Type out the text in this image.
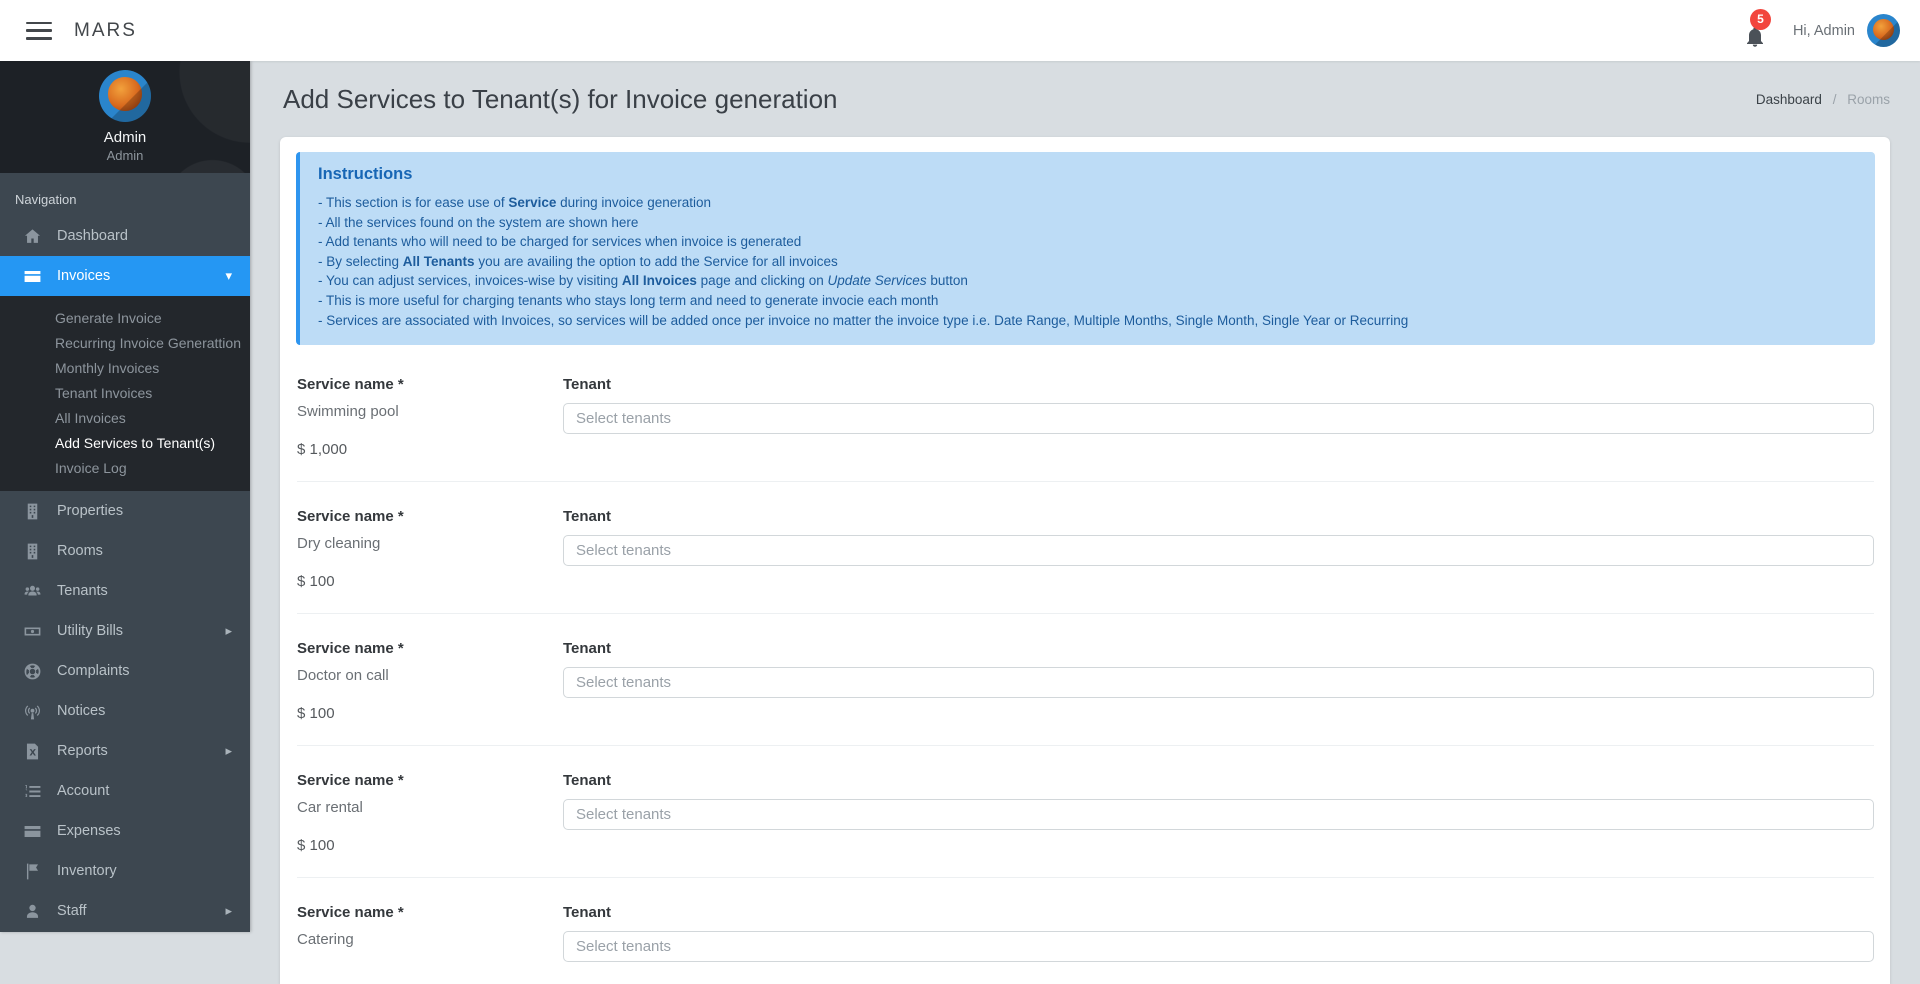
MARS
5
Hi, Admin
Admin
Admin
Navigation
Dashboard
Invoices	▾
Generate Invoice
Recurring Invoice Generattion
Monthly Invoices
Tenant Invoices
All Invoices
Add Services to Tenant(s)
Invoice Log
Properties
Rooms
Tenants
Utility Bills	▸
Complaints
Notices
Reports	▸
Account
Expenses
Inventory
Staff	▸
Add Services to Tenant(s) for Invoice generation	Dashboard / Rooms
Instructions
- This section is for ease use of Service during invoice generation
- All the services found on the system are shown here
- Add tenants who will need to be charged for services when invoice is generated
- By selecting All Tenants you are availing the option to add the Service for all invoices
- You can adjust services, invoices-wise by visiting All Invoices page and clicking on Update Services button
- This is more useful for charging tenants who stays long term and need to generate invocie each month
- Services are associated with Invoices, so services will be added once per invoice no matter the invoice type i.e. Date Range, Multiple Months, Single Month, Single Year or Recurring
Service name *
Swimming pool
$ 1,000
Tenant
Select tenants
Service name *
Dry cleaning
$ 100
Tenant
Select tenants
Service name *
Doctor on call
$ 100
Tenant
Select tenants
Service name *
Car rental
$ 100
Tenant
Select tenants
Service name *
Catering
Tenant
Select tenants
